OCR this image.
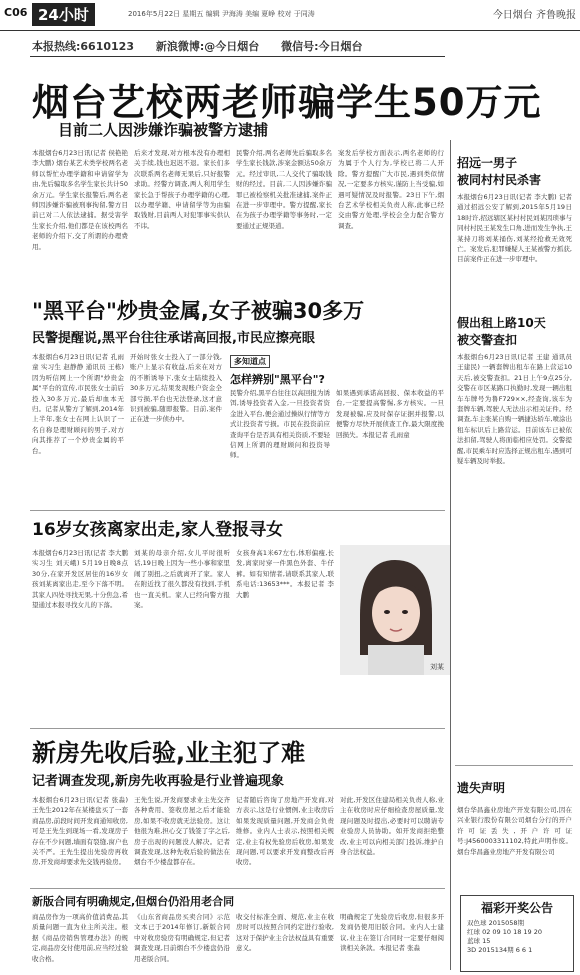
C06 24小时	2016年5月22日 星期五 编辑 尹海涛 美编 夏峥 校对 于同涛	今日烟台 齐鲁晚报
本报热线:6610123 新浪微博:@今日烟台 微信号:今日烟台
烟台艺校两老师骗学生50万元
目前二人因涉嫌诈骗被警方逮捕
本报烟台6月23日讯(记者 侯艳艳 李大鹏) 烟台某艺术类学校两名老师以帮忙办理学籍和申请留学为由,先后骗取多名学生家长共计50余万元。学生家长报警后,两名老师因涉嫌诈骗被刑事拘留,警方目前已对二人依法逮捕。据受害学生家长介绍,他们都是在该校两名老师的介绍下,交了所谓的办理费用。
后来才发现,对方根本没有办理相关手续,钱也迟迟不退。家长们多次联系两名老师无果后,只好报警求助。经警方调查,两人利用学生家长急于帮孩子办理学籍的心理,以办理学籍、申请留学等为由骗取钱财,目前两人对犯罪事实供认不讳。
民警介绍,两名老师先后骗取多名学生家长钱款,涉案金额达50余万元。经过审讯,二人交代了骗取钱财的经过。目前,二人因涉嫌诈骗罪已被检察机关批准逮捕,案件正在进一步审理中。警方提醒,家长在为孩子办理学籍等事务时,一定要通过正规渠道。
案发后学校方面表示,两名老师的行为属于个人行为,学校已将二人开除。警方提醒广大市民,遇到类似情况,一定要多方核实,谨防上当受骗,如遇可疑情况及时报警。23日下午,烟台艺术学校相关负责人称,此事已经交由警方处理,学校会全力配合警方调查。
招远一男子
被同村村民杀害
本报烟台6月23日讯(记者 李大鹏) 记者通过招远公安了解到,2015年5月19日18时许,招远辖区某村村民刘某因琐事与同村村民王某发生口角,进而发生争执,王某持刀将刘某捅伤,刘某经抢救无效死亡。案发后,犯罪嫌疑人王某被警方抓获,目前案件正在进一步审理中。
"黑平台"炒贵金属,女子被骗30多万
民警提醒说,黑平台往往承诺高回报,市民应擦亮眼
本报烟台6月23日讯(记者 孔雨童 实习生 赵静静 通讯员 王栋) 因为听信网上一个所谓"炒贵金属"平台的宣传,市民张女士前后投入30多万元,最后却血本无归。记者从警方了解到,2014年上半年,张女士在网上认识了一名自称是理财顾问的男子,对方向其推荐了一个炒贵金属的平台。
开始时张女士投入了一部分钱,账户上显示有收益,后来在对方的不断诱导下,张女士陆续投入30多万元,结果发现账户资金全部亏损,平台也无法登录,这才意识到被骗,随即报警。目前,案件正在进一步侦办中。
多知道点
怎样辨别"黑平台"?
民警介绍,黑平台往往以高回报为诱饵,诱导投资者入金,一旦投资者资金进入平台,便会通过操纵行情等方式让投资者亏损。市民在投资前应查询平台是否具有相关资质,不要轻信网上所谓的理财顾问和投资导师。
如果遇到承诺高回报、保本收益的平台,一定要提高警惕,多方核实。一旦发现被骗,应及时保存证据并报警,以便警方尽快开展侦查工作,最大限度挽回损失。本报记者 孔雨童
假出租上路10天
被交警查扣
本报烟台6月23日讯(记者 王建 通讯员 王建民) 一辆套牌出租车在路上营运10天后,被交警查扣。21日上午9点25分,交警在市区某路口执勤时,发现一辆出租车车牌号为鲁F729××,经查询,该车为套牌车辆,驾驶人无法出示相关证件。经调查,车主张某自购一辆捷达轿车,喷涂出租车标识后上路营运。目前该车已被依法扣留,驾驶人将面临相应处罚。交警提醒,市民乘车时应选择正规出租车,遇到可疑车辆及时举报。
16岁女孩离家出走,家人登报寻女
本报烟台6月23日讯(记者 李大鹏 实习生 刘天峨) 5月19日晚8点30分,在家开发区居住的16岁女孩刘某离家出走,至今下落不明。其家人四处寻找无果,十分焦急,希望通过本报寻找女儿的下落。
刘某的母亲介绍,女儿平时很听话,19日晚上因为一些小事和家里闹了别扭,之后就离开了家。家人在附近找了很久都没有找到,手机也一直关机。家人已经向警方报案。
女孩身高1米67左右,体形偏瘦,长发,离家时穿一件黑色外套、牛仔裤。如有知情者,请联系其家人,联系电话:13653***。本报记者 李大鹏
刘某
新房先收后验,业主犯了难
记者调查发现,新房先收再验是行业普遍现象
本报烟台6月23日讯(记者 张淼) 王先生2012年在某楼盘买了一套商品房,前段时间开发商通知收房,可是王先生到现场一看,发现房子存在不少问题,墙面有裂缝,窗户也关不严。王先生提出先验房再收房,开发商却要求先交钱再验房。
王先生说,开发商要求业主先交齐各种费用、签收房屋之后才能验房,如果不收房就无法验房。这让他很为难,担心交了钱签了字之后,房子出现的问题没人解决。记者调查发现,这种先收后验的做法在烟台不少楼盘都存在。
记者随后咨询了房地产开发商,对方表示,这是行业惯例,业主收房后如果发现质量问题,开发商会负责维修。业内人士表示,按照相关规定,业主有权先验房后收房,如果发现问题,可以要求开发商整改后再收房。
对此,开发区住建局相关负责人称,业主在收房时应仔细检查房屋质量,发现问题及时提出,必要时可以聘请专业验房人员协助。如开发商拒绝整改,业主可以向相关部门投诉,维护自身合法权益。
遗失声明
烟台华昌鑫业房地产开发有限公司,因在兴业银行股份有限公司烟台分行的开户许可证丢失,开户许可证号:J4560003311102,特此声明作废。烟台华昌鑫业房地产开发有限公司
福彩开奖公告
双色球 2015058期
红球 02 09 10 18 19 20
蓝球 15
3D 2015134期 6 6 1
新版合同有明确规定,但烟台仍沿用老合同
商品房作为一项高价值消费品,其质量问题一直为业主所关注。根据《商品房销售管理办法》的规定,商品房交付使用前,应当经过验收合格。
《山东省商品房买卖合同》示范文本已于2014年修订,新版合同中对收房验房有明确规定,但记者调查发现,目前烟台不少楼盘仍沿用老版合同。
收交付标准全面、规范,业主在收房时可以按照合同约定进行验收,这对于保护业主合法权益具有重要意义。
明确规定了先验房后收房,但很多开发商仍使用旧版合同。业内人士建议,业主在签订合同时一定要仔细阅读相关条款。本报记者 张淼
